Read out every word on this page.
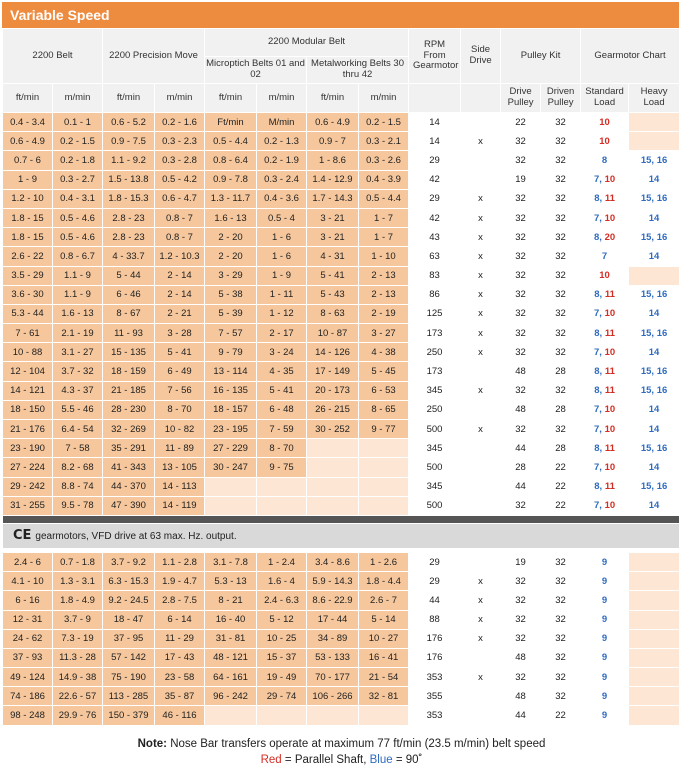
Variable Speed
2200 Belt		2200 Precision Move		2200 Modular Belt				RPM From Gearmotor	Side Drive	Pulley Kit		Gearmotor Chart	
				Microptich Belts 01 and 02		Metalworking Belts 30 thru 42							
ft/min	m/min	ft/min	m/min	ft/min	m/min	ft/min	m/min			Drive Pulley	Driven Pulley	Standard Load	Heavy Load
0.4 - 3.4	0.1 - 1	0.6 - 5.2	0.2 - 1.6	Ft/min	M/min	0.6 - 4.9	0.2 - 1.5	14		22	32	10	
0.6 - 4.9	0.2 - 1.5	0.9 - 7.5	0.3 - 2.3	0.5 - 4.4	0.2 - 1.3	0.9 - 7	0.3 - 2.1	14	x	32	32	10	
0.7 - 6	0.2 - 1.8	1.1 - 9.2	0.3 - 2.8	0.8 - 6.4	0.2 - 1.9	1 - 8.6	0.3 - 2.6	29		32	32	8	15, 16
1 - 9	0.3 - 2.7	1.5 - 13.8	0.5 - 4.2	0.9 - 7.8	0.3 - 2.4	1.4 - 12.9	0.4 - 3.9	42		19	32	7, 10	14
1.2 - 10	0.4 - 3.1	1.8 - 15.3	0.6 - 4.7	1.3 - 11.7	0.4 - 3.6	1.7 - 14.3	0.5 - 4.4	29	x	32	32	8, 11	15, 16
1.8 - 15	0.5 - 4.6	2.8 - 23	0.8 - 7	1.6 - 13	0.5 - 4	3 - 21	1 - 7	42	x	32	32	7, 10	14
1.8 - 15	0.5 - 4.6	2.8 - 23	0.8 - 7	2 - 20	1 - 6	3 - 21	1 - 7	43	x	32	32	8, 20	15, 16
2.6 - 22	0.8 - 6.7	4 - 33.7	1.2 - 10.3	2 - 20	1 - 6	4 - 31	1 - 10	63	x	32	32	7	14
3.5 - 29	1.1 - 9	5 - 44	2 - 14	3 - 29	1 - 9	5 - 41	2 - 13	83	x	32	32	10	
3.6 - 30	1.1 - 9	6 - 46	2 - 14	5 - 38	1 - 11	5 - 43	2 - 13	86	x	32	32	8, 11	15, 16
5.3 - 44	1.6 - 13	8 - 67	2 - 21	5 - 39	1 - 12	8 - 63	2 - 19	125	x	32	32	7, 10	14
7 - 61	2.1 - 19	11 - 93	3 - 28	7 - 57	2 - 17	10 - 87	3 - 27	173	x	32	32	8, 11	15, 16
10 - 88	3.1 - 27	15 - 135	5 - 41	9 - 79	3 - 24	14 - 126	4 - 38	250	x	32	32	7, 10	14
12 - 104	3.7 - 32	18 - 159	6 - 49	13 - 114	4 - 35	17 - 149	5 - 45	173		48	28	8, 11	15, 16
14 - 121	4.3 - 37	21 - 185	7 - 56	16 - 135	5 - 41	20 - 173	6 - 53	345	x	32	32	8, 11	15, 16
18 - 150	5.5 - 46	28 - 230	8 - 70	18 - 157	6 - 48	26 - 215	8 - 65	250		48	28	7, 10	14
21 - 176	6.4 - 54	32 - 269	10 - 82	23 - 195	7 - 59	30 - 252	9 - 77	500	x	32	32	7, 10	14
23 - 190	7 - 58	35 - 291	11 - 89	27 - 229	8 - 70			345		44	28	8, 11	15, 16
27 - 224	8.2 - 68	41 - 343	13 - 105	30 - 247	9 - 75			500		28	22	7, 10	14
29 - 242	8.8 - 74	44 - 370	14 - 113					345		44	22	8, 11	15, 16
31 - 255	9.5 - 78	47 - 390	14 - 119					500		32	22	7, 10	14

CE gearmotors, VFD drive at 63 max. Hz. output.													

2.4 - 6	0.7 - 1.8	3.7 - 9.2	1.1 - 2.8	3.1 - 7.8	1 - 2.4	3.4 - 8.6	1 - 2.6	29		19	32	9	
4.1 - 10	1.3 - 3.1	6.3 - 15.3	1.9 - 4.7	5.3 - 13	1.6 - 4	5.9 - 14.3	1.8 - 4.4	29	x	32	32	9	
6 - 16	1.8 - 4.9	9.2 - 24.5	2.8 - 7.5	8 - 21	2.4 - 6.3	8.6 - 22.9	2.6 - 7	44	x	32	32	9	
12 - 31	3.7 - 9	18 - 47	6 - 14	16 - 40	5 - 12	17 - 44	5 - 14	88	x	32	32	9	
24 - 62	7.3 - 19	37 - 95	11 - 29	31 - 81	10 - 25	34 - 89	10 - 27	176	x	32	32	9	
37 - 93	11.3 - 28	57 - 142	17 - 43	48 - 121	15 - 37	53 - 133	16 - 41	176		48	32	9	
49 - 124	14.9 - 38	75 - 190	23 - 58	64 - 161	19 - 49	70 - 177	21 - 54	353	x	32	32	9	
74 - 186	22.6 - 57	113 - 285	35 - 87	96 - 242	29 - 74	106 - 266	32 - 81	355		48	32	9	
98 - 248	29.9 - 76	150 - 379	46 - 116					353		44	22	9	
Note: Nose Bar transfers operate at maximum 77 ft/min (23.5 m/min) belt speed
Red = Parallel Shaft, Blue = 90˚
